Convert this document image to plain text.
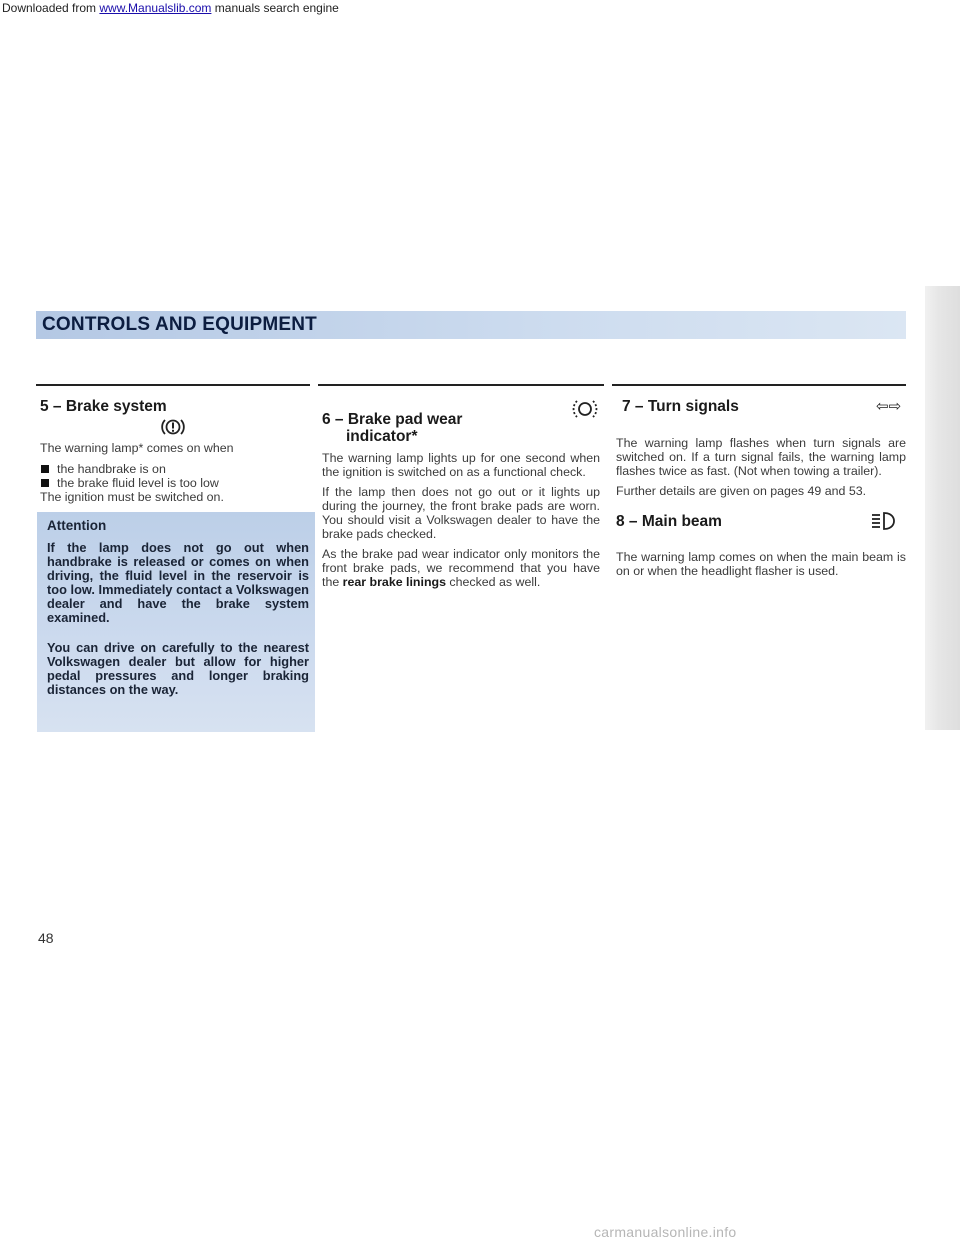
Downloaded from www.Manualslib.com manuals search engine
CONTROLS AND EQUIPMENT
5 – Brake system

The warning lamp* comes on when

the handbrake is on
the brake fluid level is too low
The ignition must be switched on.
Attention

If the lamp does not go out when handbrake is released or comes on when driving, the fluid level in the reservoir is too low. Immediately contact a Volkswagen dealer and have the brake system examined.

You can drive on carefully to the nearest Volkswagen dealer but allow for higher pedal pressures and longer braking distances on the way.

6 – Brake pad wear
indicator*

The warning lamp lights up for one second when the ignition is switched on as a functional check.

If the lamp then does not go out or it lights up during the journey, the front brake pads are worn. You should visit a Volkswagen dealer to have the brake pads checked.

As the brake pad wear indicator only monitors the front brake pads, we recommend that you have the rear brake linings checked as well.

7 – Turn signals	⇦⇨

The warning lamp flashes when turn signals are switched on. If a turn signal fails, the warning lamp flashes twice as fast. (Not when towing a trailer).

Further details are given on pages 49 and 53.

8 – Main beam

The warning lamp comes on when the main beam is on or when the headlight flasher is used.

48
carmanualsonline.info
